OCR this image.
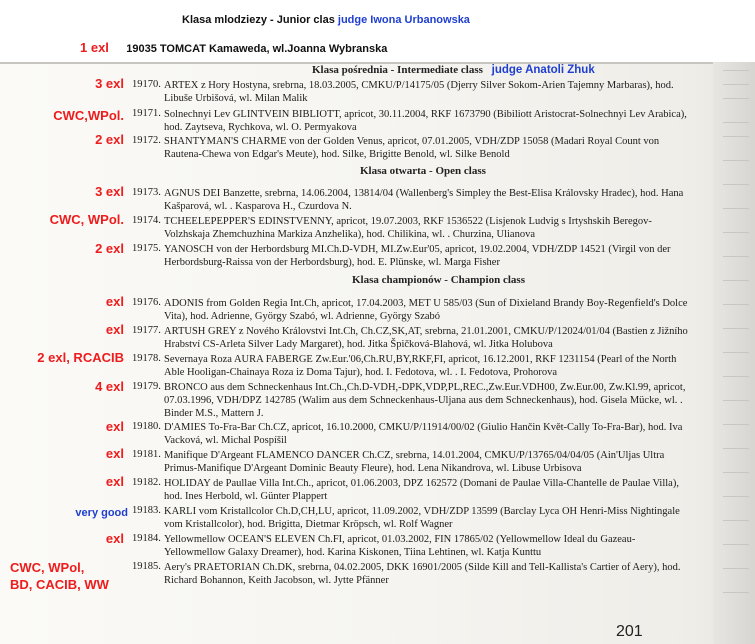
Klasa mlodziezy - Junior clas judge Iwona Urbanowska
1 exl 19035 TOMCAT Kamaweda, wl.Joanna Wybranska
Klasa pośrednia - Intermediate class judge Anatoli Zhuk
3 exl 19170. ARTEX z Hory Hostyna, srebrna, 18.03.2005, CMKU/P/14175/05 (Djerry Silver Sokom-Arien Tajemny Marbaras), hod. Libuše Urbišová, wl. Milan Malik
CWC,WPol. 19171. Solnechnyi Lev GLINTVEIN BIBLIOTT, apricot, 30.11.2004, RKF 1673790 (Bibiliott Aristocrat-Solnechnyi Lev Arabica), hod. Zaytseva, Rychkova, wl. O. Permyakova
2 exl 19172. SHANTYMAN'S CHARME von der Golden Venus, apricot, 07.01.2005, VDH/ZDP 15058 (Madari Royal Count von Rautena-Chewa von Edgar's Meute), hod. Silke, Brigitte Benold, wl. Silke Benold
Klasa otwarta - Open class
3 exl 19173. AGNUS DEI Banzette, srebrna, 14.06.2004, 13814/04 (Wallenberg's Simpley the Best-Elisa Královsky Hradec), hod. Hana Kašparová, wl. . Kasparova H., Czurdova N.
CWC, WPol. 19174. TCHEELEPEPPER'S EDINSTVENNY, apricot, 19.07.2003, RKF 1536522 (Lisjenok Ludvig s Irtyshskih Beregov-Volzhskaja Zhemchuzhina Markiza Anzhelika), hod. Chilikina, wl. . Churzina, Ulianova
2 exl 19175. YANOSCH von der Herbordsburg MI.Ch.D-VDH, MI.Zw.Eur'05, apricot, 19.02.2004, VDH/ZDP 14521 (Virgil von der Herbordsburg-Raissa von der Herbordsburg), hod. E. Plünske, wl. Marga Fisher
Klasa championów - Champion class
exl 19176. ADONIS from Golden Regia Int.Ch, apricot, 17.04.2003, MET U 585/03 (Sun of Dixieland Brandy Boy-Regenfield's Dolce Vita), hod. Adrienne, György Szabó, wl. Adrienne, György Szabó
exl 19177. ARTUSH GREY z Nového Královstvi Int.Ch, Ch.CZ,SK,AT, srebrna, 21.01.2001, CMKU/P/12024/01/04 (Bastien z Jižního Hrabství CS-Arleta Silver Lady Margaret), hod. Jitka Špičková-Blahová, wl. Jitka Holubova
2 exl, RCACIB 19178. Severnaya Roza AURA FABERGE Zw.Eur.'06,Ch.RU,BY,RKF,FI, apricot, 16.12.2001, RKF 1231154 (Pearl of the North Able Hooligan-Chainaya Roza iz Doma Tajur), hod. I. Fedotova, wl. . I. Fedotova, Prohorova
4 exl 19179. BRONCO aus dem Schneckenhaus Int.Ch.,Ch.D-VDH,-DPK,VDP,PL,REC.,Zw.Eur.VDH00, Zw.Eur.00, Zw.Kl.99, apricot, 07.03.1996, VDH/DPZ 142785 (Walim aus dem Schneckenhaus-Uljana aus dem Schneckenhaus), hod. Gisela Mücke, wl. . Binder M.S., Mattern J.
exl 19180. D'AMIES To-Fra-Bar Ch.CZ, apricot, 16.10.2000, CMKU/P/11914/00/02 (Giulio Hančin Květ-Cally To-Fra-Bar), hod. Iva Vacková, wl. Michal Pospíšil
exl 19181. Manifique D'Argeant FLAMENCO DANCER Ch.CZ, srebrna, 14.01.2004, CMKU/P/13765/04/04/05 (Ain'Uljas Ultra Primus-Manifique D'Argeant Dominic Beauty Fleure), hod. Lena Nikandrova, wl. Libuse Urbisova
exl 19182. HOLIDAY de Paullae Villa Int.Ch., apricot, 01.06.2003, DPZ 162572 (Domani de Paulae Villa-Chantelle de Paulae Villa), hod. Ines Herbold, wl. Günter Plappert
very good 19183. KARLI vom Kristallcolor Ch.D,CH,LU, apricot, 11.09.2002, VDH/ZDP 13599 (Barclay Lyca OH Henri-Miss Nightingale vom Kristallcolor), hod. Brigitta, Dietmar Kröpsch, wl. Rolf Wagner
exl 19184. Yellowmellow OCEAN'S ELEVEN Ch.FI, apricot, 01.03.2002, FIN 17865/02 (Yellowmellow Ideal du Gazeau-Yellowmellow Galaxy Dreamer), hod. Karina Kiskonen, Tiina Lehtinen, wl. Katja Kunttu
CWC, WPol,
BD, CACIB, WW
19185. Aery's PRAETORIAN Ch.DK, srebrna, 04.02.2005, DKK 16901/2005 (Silde Kill and Tell-Kallista's Cartier of Aery), hod. Richard Bohannon, Keith Jacobson, wl. Jytte Pfänner
201
